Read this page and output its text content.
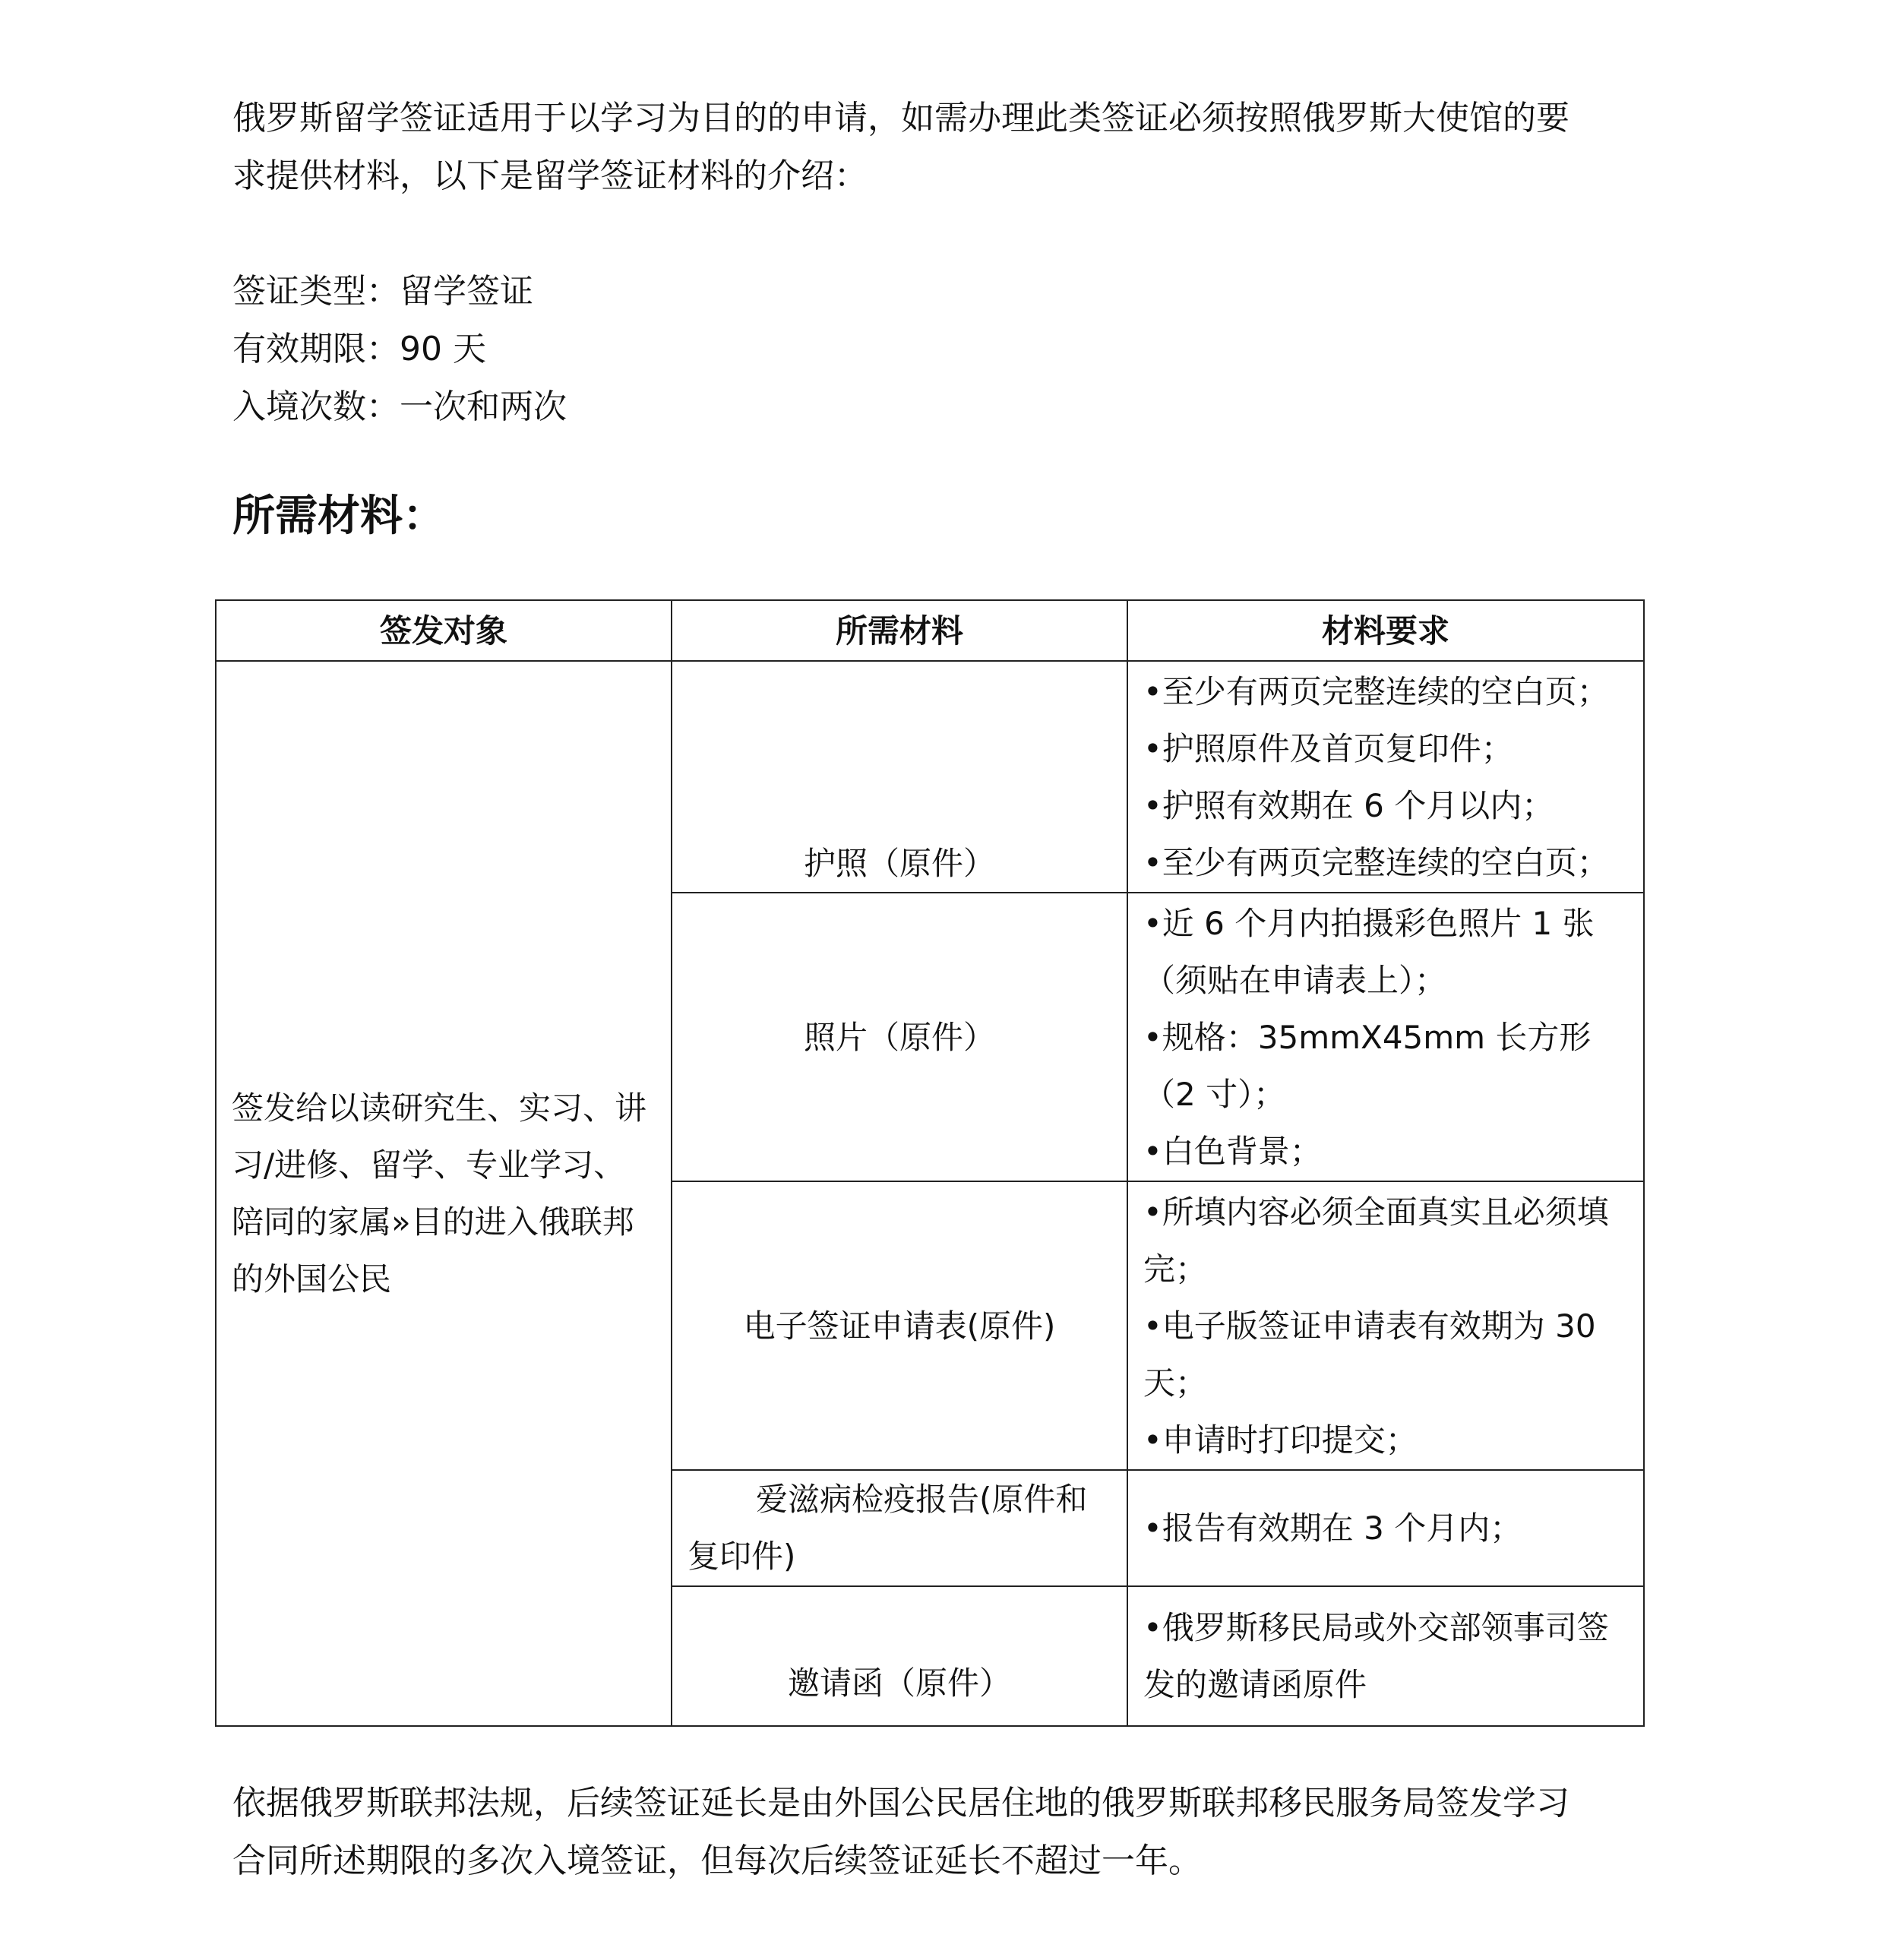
俄罗斯留学签证适用于以学习为目的的申请，如需办理此类签证必须按照俄罗斯大使馆的要

求提供材料，以下是留学签证材料的介绍：

签证类型：留学签证
有效期限：90 天
入境次数：一次和两次
所需材料：
签发对象	所需材料	材料要求
签发给以读研究生、实习、讲习/进修、留学、专业学习、陪同的家属»目的进入俄联邦的外国公民	护照（原件）	•至少有两页完整连续的空白页；
•护照原件及首页复印件；
•护照有效期在 6 个月以内；
•至少有两页完整连续的空白页；

	照片（原件）	•近 6 个月内拍摄彩色照片 1 张（须贴在申请表上）；
•规格：35mmX45mm 长方形（2 寸）；
•白色背景；

	电子签证申请表(原件)	•所填内容必须全面真实且必须填完；
•电子版签证申请表有效期为 30 天；
•申请时打印提交；

	爱滋病检疫报告(原件和复印件)	•报告有效期在 3 个月内；

	邀请函（原件）	•俄罗斯移民局或外交部领事司签发的邀请函原件

依据俄罗斯联邦法规，后续签证延长是由外国公民居住地的俄罗斯联邦移民服务局签发学习

合同所述期限的多次入境签证，但每次后续签证延长不超过一年。
